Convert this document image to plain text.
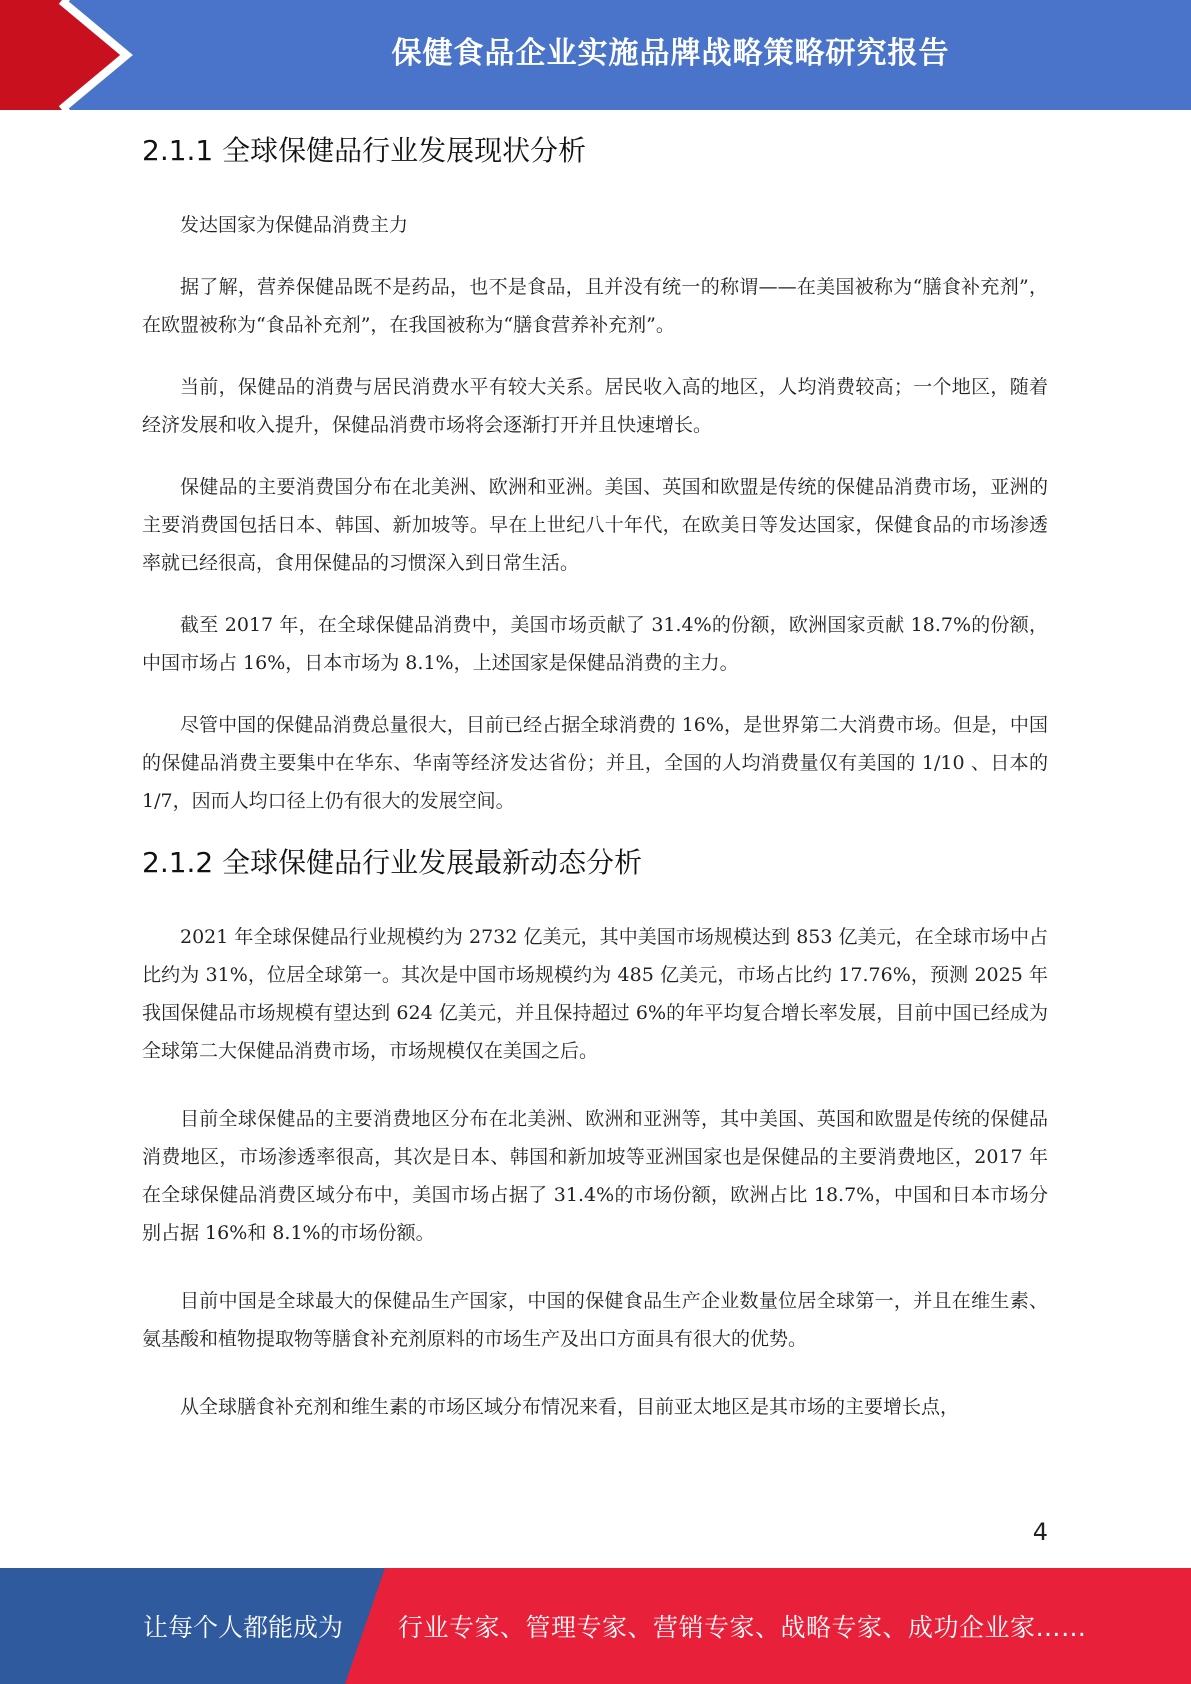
保健食品企业实施品牌战略策略研究报告
2.1.1 全球保健品行业发展现状分析

发达国家为保健品消费主力

据了解，营养保健品既不是药品，也不是食品，且并没有统一的称谓——在美国被称为“膳食补充剂”，在欧盟被称为“食品补充剂”，在我国被称为“膳食营养补充剂”。

当前，保健品的消费与居民消费水平有较大关系。居民收入高的地区，人均消费较高；一个地区，随着经济发展和收入提升，保健品消费市场将会逐渐打开并且快速增长。

保健品的主要消费国分布在北美洲、欧洲和亚洲。美国、英国和欧盟是传统的保健品消费市场，亚洲的主要消费国包括日本、韩国、新加坡等。早在上世纪八十年代，在欧美日等发达国家，保健食品的市场渗透率就已经很高，食用保健品的习惯深入到日常生活。

截至 2017 年，在全球保健品消费中，美国市场贡献了 31.4%的份额，欧洲国家贡献 18.7%的份额，中国市场占 16%，日本市场为 8.1%，上述国家是保健品消费的主力。

尽管中国的保健品消费总量很大，目前已经占据全球消费的 16%，是世界第二大消费市场。但是，中国的保健品消费主要集中在华东、华南等经济发达省份；并且，全国的人均消费量仅有美国的 1/10 、日本的 1/7，因而人均口径上仍有很大的发展空间。

2.1.2 全球保健品行业发展最新动态分析

2021 年全球保健品行业规模约为 2732 亿美元，其中美国市场规模达到 853 亿美元，在全球市场中占比约为 31%，位居全球第一。其次是中国市场规模约为 485 亿美元，市场占比约 17.76%，预测 2025 年我国保健品市场规模有望达到 624 亿美元，并且保持超过 6%的年平均复合增长率发展，目前中国已经成为全球第二大保健品消费市场，市场规模仅在美国之后。

目前全球保健品的主要消费地区分布在北美洲、欧洲和亚洲等，其中美国、英国和欧盟是传统的保健品消费地区，市场渗透率很高，其次是日本、韩国和新加坡等亚洲国家也是保健品的主要消费地区，2017 年在全球保健品消费区域分布中，美国市场占据了 31.4%的市场份额，欧洲占比 18.7%，中国和日本市场分别占据 16%和 8.1%的市场份额。

目前中国是全球最大的保健品生产国家，中国的保健食品生产企业数量位居全球第一，并且在维生素、氨基酸和植物提取物等膳食补充剂原料的市场生产及出口方面具有很大的优势。

从全球膳食补充剂和维生素的市场区域分布情况来看，目前亚太地区是其市场的主要增长点，

4
让每个人都能成为 行业专家、管理专家、营销专家、战略专家、成功企业家……
